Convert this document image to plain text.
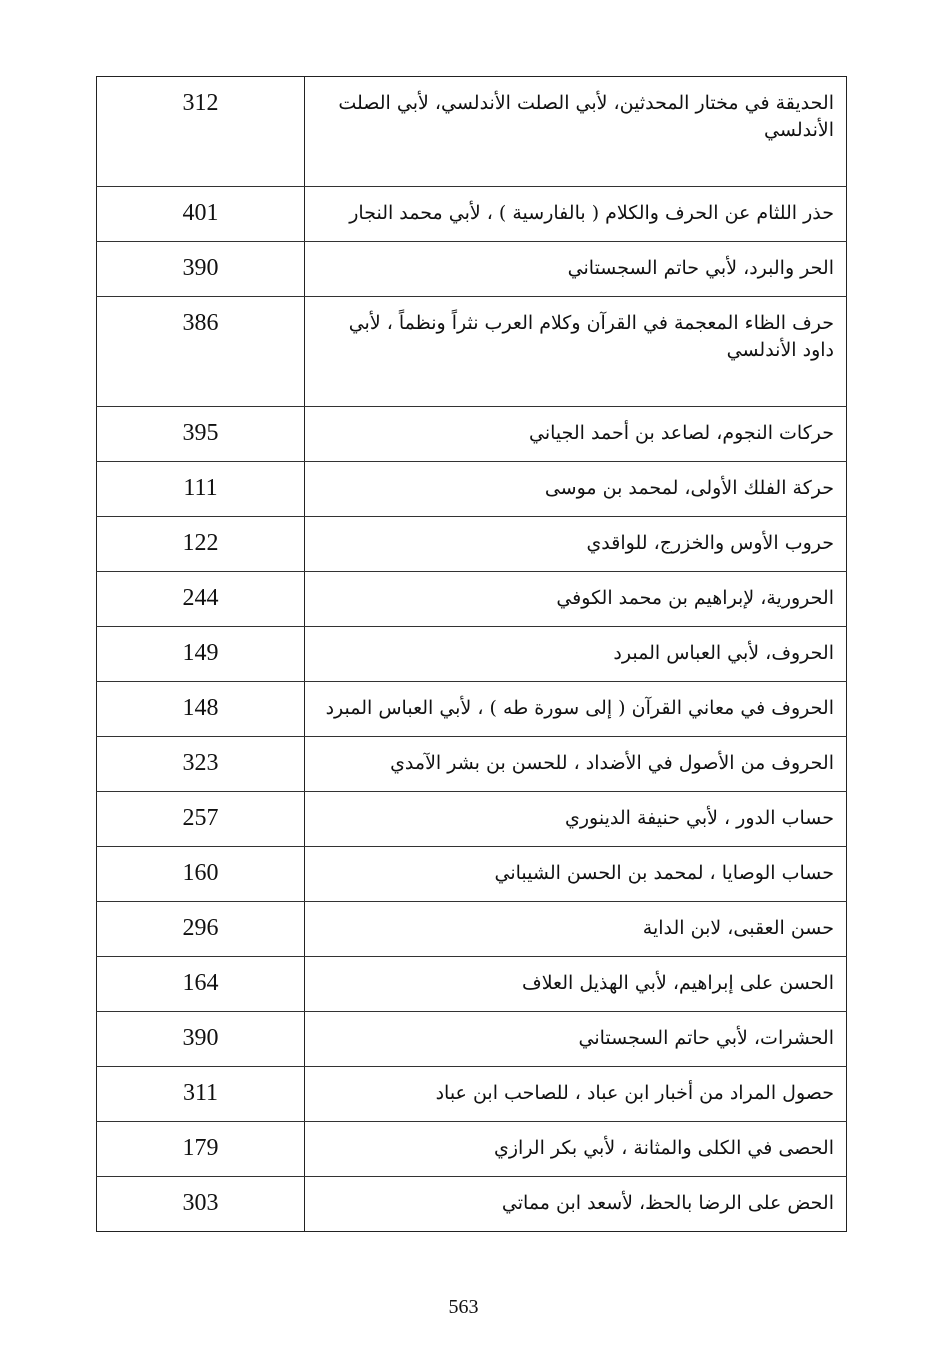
312	الحديقة في مختار المحدثين، لأبي الصلت الأندلسي، لأبي الصلت الأندلسي
401	حذر اللثام عن الحرف والكلام ( بالفارسية ) ، لأبي محمد النجار
390	الحر والبرد، لأبي حاتم السجستاني
386	حرف الظاء المعجمة في القرآن وكلام العرب نثراً ونظماً ، لأبي داود الأندلسي
395	حركات النجوم، لصاعد بن أحمد الجياني
111	حركة الفلك الأولى، لمحمد بن موسى
122	حروب الأوس والخزرج، للواقدي
244	الحرورية، لإبراهيم بن محمد الكوفي
149	الحروف، لأبي العباس المبرد
148	الحروف في معاني القرآن ( إلى سورة طه ) ، لأبي العباس المبرد
323	الحروف من الأصول في الأضداد ، للحسن بن بشر الآمدي
257	حساب الدور ، لأبي حنيفة الدينوري
160	حساب الوصايا ، لمحمد بن الحسن الشيباني
296	حسن العقبى، لابن الداية
164	الحسن على إبراهيم، لأبي الهذيل العلاف
390	الحشرات، لأبي حاتم السجستاني
311	حصول المراد من أخبار ابن عباد ، للصاحب ابن عباد
179	الحصى في الكلى والمثانة ، لأبي بكر الرازي
303	الحض على الرضا بالحظ، لأسعد ابن مماتي
563
